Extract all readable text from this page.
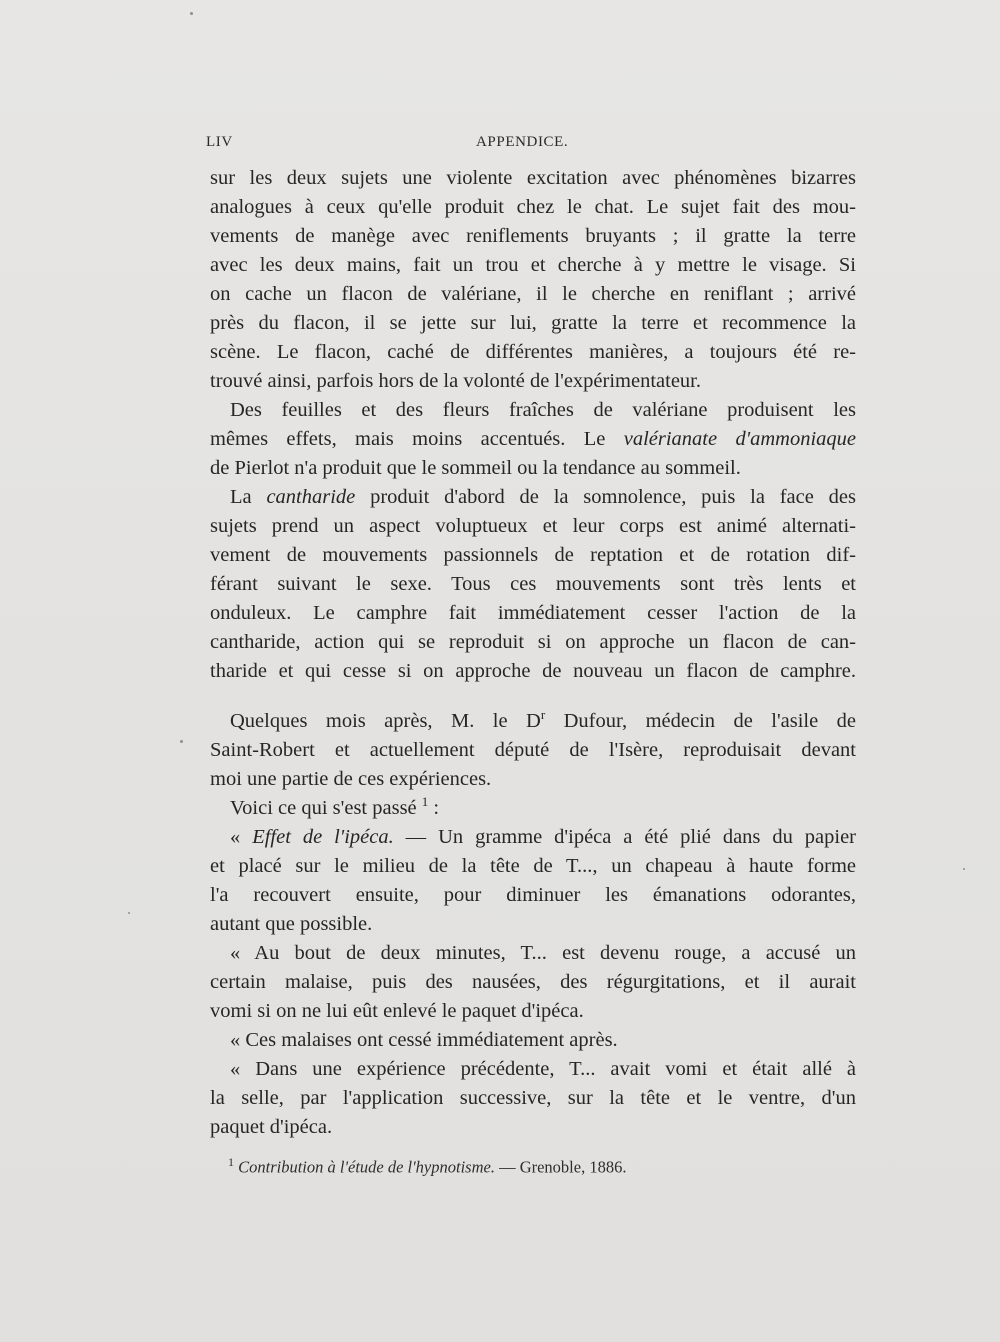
LIV	APPENDICE.
sur les deux sujets une violente excitation avec phénomènes bizarres
analogues à ceux qu'elle produit chez le chat. Le sujet fait des mou-
vements de manège avec reniflements bruyants ; il gratte la terre
avec les deux mains, fait un trou et cherche à y mettre le visage. Si
on cache un flacon de valériane, il le cherche en reniflant ; arrivé
près du flacon, il se jette sur lui, gratte la terre et recommence la
scène. Le flacon, caché de différentes manières, a toujours été re-
trouvé ainsi, parfois hors de la volonté de l'expérimentateur.
Des feuilles et des fleurs fraîches de valériane produisent les
mêmes effets, mais moins accentués. Le valérianate d'ammoniaque
de Pierlot n'a produit que le sommeil ou la tendance au sommeil.
La cantharide produit d'abord de la somnolence, puis la face des
sujets prend un aspect voluptueux et leur corps est animé alternati-
vement de mouvements passionnels de reptation et de rotation dif-
férant suivant le sexe. Tous ces mouvements sont très lents et
onduleux. Le camphre fait immédiatement cesser l'action de la
cantharide, action qui se reproduit si on approche un flacon de can-
tharide et qui cesse si on approche de nouveau un flacon de camphre.
Quelques mois après, M. le $D^r$ Dufour, médecin de l'asile de
Saint-Robert et actuellement député de l'Isère, reproduisait devant
moi une partie de ces expériences.
Voici ce qui s'est passé $^1$ :
« Effet de l'ipéca. — Un gramme d'ipéca a été plié dans du papier
et placé sur le milieu de la tête de T..., un chapeau à haute forme
l'a recouvert ensuite, pour diminuer les émanations odorantes,
autant que possible.
« Au bout de deux minutes, T... est devenu rouge, a accusé un
certain malaise, puis des nausées, des régurgitations, et il aurait
vomi si on ne lui eût enlevé le paquet d'ipéca.
« Ces malaises ont cessé immédiatement après.
« Dans une expérience précédente, T... avait vomi et était allé à
la selle, par l'application successive, sur la tête et le ventre, d'un
paquet d'ipéca.
$^1$ Contribution à l'étude de l'hypnotisme. — Grenoble, 1886.
